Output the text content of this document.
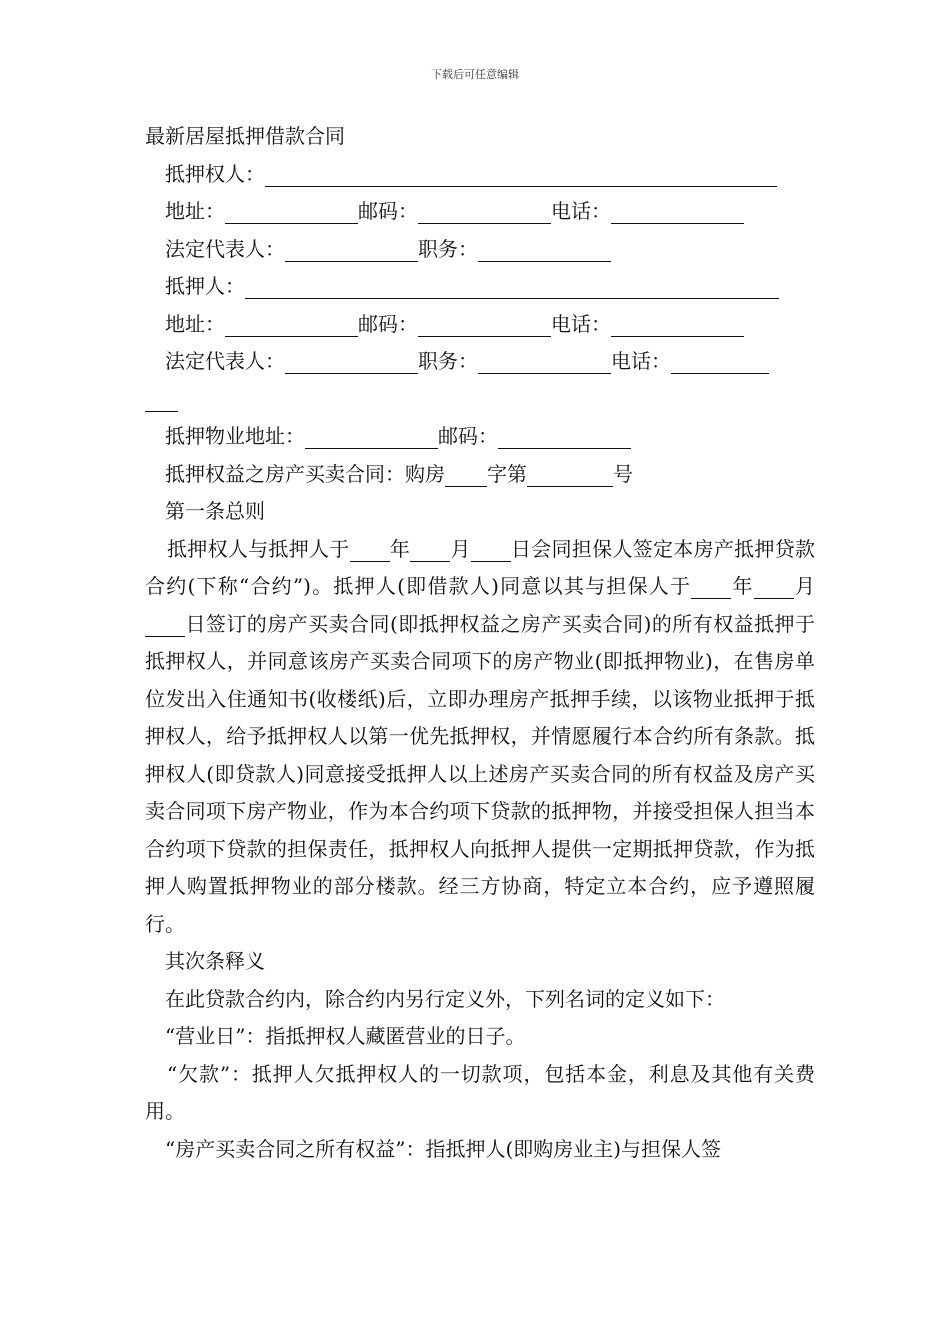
下载后可任意编辑
最新居屋抵押借款合同
抵押权人：
地址：	邮码：	电话：
法定代表人：	职务：
抵押人：
地址：	邮码：	电话：
法定代表人：	职务：	电话：
抵押物业地址：	邮码：
抵押权益之房产买卖合同：购房 字第	号
第一条总则
抵押权人与抵押人于 年 月 日会同担保人签定本房产抵押贷款合约(下称“合约”)。抵押人(即借款人)同意以其与担保人于 年 月日签订的房产买卖合同(即抵押权益之房产买卖合同)的所有权益抵押于抵押权人，并同意该房产买卖合同项下的房产物业(即抵押物业)，在售房单位发出入住通知书(收楼纸)后，立即办理房产抵押手续，以该物业抵押于抵押权人，给予抵押权人以第一优先抵押权，并情愿履行本合约所有条款。抵押权人(即贷款人)同意接受抵押人以上述房产买卖合同的所有权益及房产买卖合同项下房产物业，作为本合约项下贷款的抵押物，并接受担保人担当本合约项下贷款的担保责任，抵押权人向抵押人提供一定期抵押贷款，作为抵押人购置抵押物业的部分楼款。经三方协商，特定立本合约，应予遵照履行。
其次条释义
在此贷款合约内，除合约内另行定义外，下列名词的定义如下：
“营业日”：指抵押权人藏匿营业的日子。
“欠款”：抵押人欠抵押权人的一切款项，包括本金，利息及其他有关费用。
“房产买卖合同之所有权益”：指抵押人(即购房业主)与担保人签
